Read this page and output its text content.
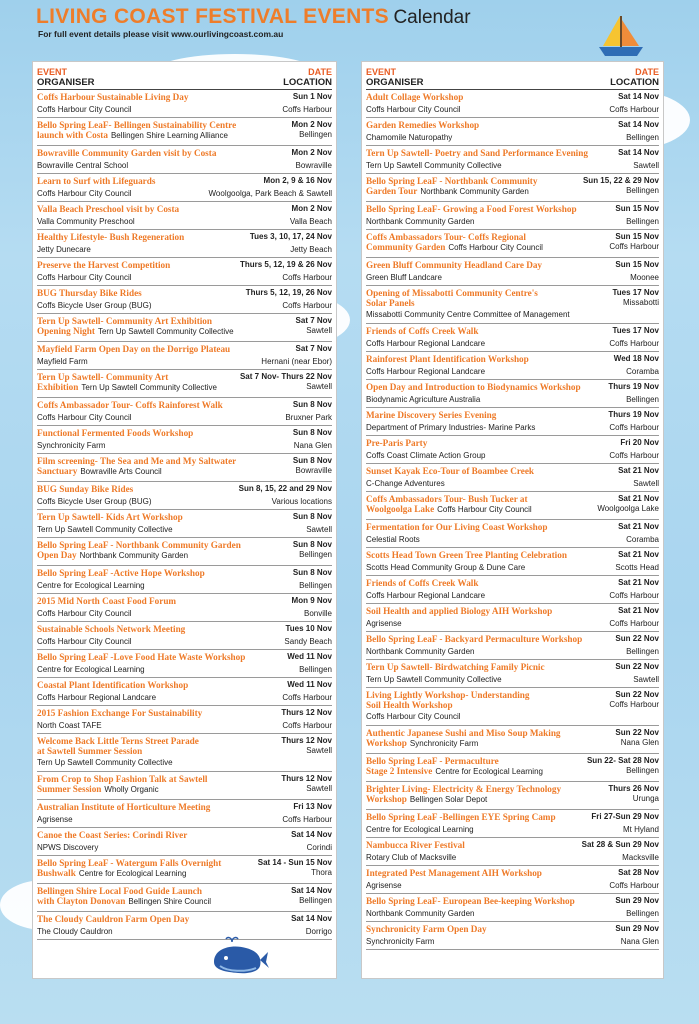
LIVING COAST FESTIVAL EVENTS Calendar
For full event details please visit www.ourlivingcoast.com.au
EVENT
ORGANISER
DATE
LOCATION
Coffs Harbour Sustainable Living Day	Sun 1 Nov
Coffs Harbour City Council	Coffs Harbour
Bello Spring LeaF- Bellingen Sustainability Centre	Mon 2 Nov
launch with Costa Bellingen Shire Learning Alliance	Bellingen
Bowraville Community Garden visit by Costa	Mon 2 Nov
Bowraville Central School	Bowraville
Learn to Surf with Lifeguards	Mon 2, 9 & 16 Nov
Coffs Harbour City Council	Woolgoolga, Park Beach & Sawtell
Valla Beach Preschool visit by Costa	Mon 2 Nov
Valla Community Preschool	Valla Beach
Healthy Lifestyle- Bush Regeneration	Tues 3, 10, 17, 24 Nov
Jetty Dunecare	Jetty Beach
Preserve the Harvest Competition	Thurs 5, 12, 19 & 26 Nov
Coffs Harbour City Council	Coffs Harbour
BUG Thursday Bike Rides	Thurs 5, 12, 19, 26 Nov
Coffs Bicycle User Group (BUG)	Coffs Harbour
Tern Up Sawtell- Community Art Exhibition	Sat 7 Nov
Opening Night Tern Up Sawtell Community Collective	Sawtell
Mayfield Farm Open Day on the Dorrigo Plateau	Sat 7 Nov
Mayfield Farm	Hernani (near Ebor)
Tern Up Sawtell- Community Art	Sat 7 Nov- Thurs 22 Nov
Exhibition Tern Up Sawtell Community Collective	Sawtell
Coffs Ambassador Tour- Coffs Rainforest Walk	Sun 8 Nov
Coffs Harbour City Council	Bruxner Park
Functional Fermented Foods Workshop	Sun 8 Nov
Synchronicity Farm	Nana Glen
Film screening- The Sea and Me and My Saltwater	Sun 8 Nov
Sanctuary Bowraville Arts Council	Bowraville
BUG Sunday Bike Rides	Sun 8, 15, 22 and 29 Nov
Coffs Bicycle User Group (BUG)	Various locations
Tern Up Sawtell- Kids Art Workshop	Sun 8 Nov
Tern Up Sawtell Community Collective	Sawtell
Bello Spring LeaF - Northbank Community Garden	Sun 8 Nov
Open Day Northbank Community Garden	Bellingen
Bello Spring LeaF -Active Hope Workshop	Sun 8 Nov
Centre for Ecological Learning	Bellingen
2015 Mid North Coast Food Forum	Mon 9 Nov
Coffs Harbour City Council	Bonville
Sustainable Schools Network Meeting	Tues 10 Nov
Coffs Harbour City Council	Sandy Beach
Bello Spring LeaF -Love Food Hate Waste Workshop	Wed 11 Nov
Centre for Ecological Learning	Bellingen
Coastal Plant Identification Workshop	Wed 11 Nov
Coffs Harbour Regional Landcare	Coffs Harbour
2015 Fashion Exchange For Sustainability	Thurs 12 Nov
North Coast TAFE	Coffs Harbour
Welcome Back Little Terns Street Parade	Thurs 12 Nov
at Sawtell Summer Session
Tern Up Sawtell Community Collective
Sawtell
From Crop to Shop Fashion Talk at Sawtell	Thurs 12 Nov
Summer Session Wholly Organic	Sawtell
Australian Institute of Horticulture Meeting	Fri 13 Nov
Agrisense	Coffs Harbour
Canoe the Coast Series: Corindi River	Sat 14 Nov
NPWS Discovery	Corindi
Bello Spring LeaF - Watergum Falls Overnight	Sat 14 - Sun 15 Nov
Bushwalk Centre for Ecological Learning	Thora
Bellingen Shire Local Food Guide Launch	Sat 14 Nov
with Clayton Donovan Bellingen Shire Council	Bellingen
The Cloudy Cauldron Farm Open Day	Sat 14 Nov
The Cloudy Cauldron	Dorrigo
EVENT
ORGANISER
DATE
LOCATION
Adult Collage Workshop	Sat 14 Nov
Coffs Harbour City Council	Coffs Harbour
Garden Remedies Workshop	Sat 14 Nov
Chamomile Naturopathy	Bellingen
Tern Up Sawtell- Poetry and Sand Performance Evening	Sat 14 Nov
Tern Up Sawtell Community Collective	Sawtell
Bello Spring LeaF - Northbank Community	Sun 15, 22 & 29 Nov
Garden Tour Northbank Community Garden	Bellingen
Bello Spring LeaF- Growing a Food Forest Workshop	Sun 15 Nov
Northbank Community Garden	Bellingen
Coffs Ambassadors Tour- Coffs Regional	Sun 15 Nov
Community Garden Coffs Harbour City Council	Coffs Harbour
Green Bluff Community Headland Care Day	Sun 15 Nov
Green Bluff Landcare	Moonee
Opening of Missabotti Community Centre's	Tues 17 Nov
Solar Panels
Missabotti Community Centre Committee of Management
Missabotti
Friends of Coffs Creek Walk	Tues 17 Nov
Coffs Harbour Regional Landcare	Coffs Harbour
Rainforest Plant Identification Workshop	Wed 18 Nov
Coffs Harbour Regional Landcare	Coramba
Open Day and Introduction to Biodynamics Workshop	Thurs 19 Nov
Biodynamic Agriculture Australia	Bellingen
Marine Discovery Series Evening	Thurs 19 Nov
Department of Primary Industries- Marine Parks	Coffs Harbour
Pre-Paris Party	Fri 20 Nov
Coffs Coast Climate Action Group	Coffs Harbour
Sunset Kayak Eco-Tour of Boambee Creek	Sat 21 Nov
C-Change Adventures	Sawtell
Coffs Ambassadors Tour- Bush Tucker at	Sat 21 Nov
Woolgoolga Lake Coffs Harbour City Council	Woolgoolga Lake
Fermentation for Our Living Coast Workshop	Sat 21 Nov
Celestial Roots	Coramba
Scotts Head Town Green Tree Planting Celebration	Sat 21 Nov
Scotts Head Community Group & Dune Care	Scotts Head
Friends of Coffs Creek Walk	Sat 21 Nov
Coffs Harbour Regional Landcare	Coffs Harbour
Soil Health and applied Biology AIH Workshop	Sat 21 Nov
Agrisense	Coffs Harbour
Bello Spring LeaF - Backyard Permaculture Workshop	Sun 22 Nov
Northbank Community Garden	Bellingen
Tern Up Sawtell- Birdwatching Family Picnic	Sun 22 Nov
Tern Up Sawtell Community Collective	Sawtell
Living Lightly Workshop- Understanding	Sun 22 Nov
Soil Health Workshop
Coffs Harbour City Council
Coffs Harbour
Authentic Japanese Sushi and Miso Soup Making	Sun 22 Nov
Workshop Synchronicity Farm	Nana Glen
Bello Spring LeaF - Permaculture	Sun 22- Sat 28 Nov
Stage 2 Intensive Centre for Ecological Learning	Bellingen
Brighter Living- Electricity & Energy Technology	Thurs 26 Nov
Workshop Bellingen Solar Depot	Urunga
Bello Spring LeaF -Bellingen EYE Spring Camp	Fri 27-Sun 29 Nov
Centre for Ecological Learning	Mt Hyland
Nambucca River Festival	Sat 28 & Sun 29 Nov
Rotary Club of Macksville	Macksville
Integrated Pest Management AIH Workshop	Sat 28 Nov
Agrisense	Coffs Harbour
Bello Spring LeaF- European Bee-keeping Workshop	Sun 29 Nov
Northbank Community Garden	Bellingen
Synchronicity Farm Open Day	Sun 29 Nov
Synchronicity Farm	Nana Glen
